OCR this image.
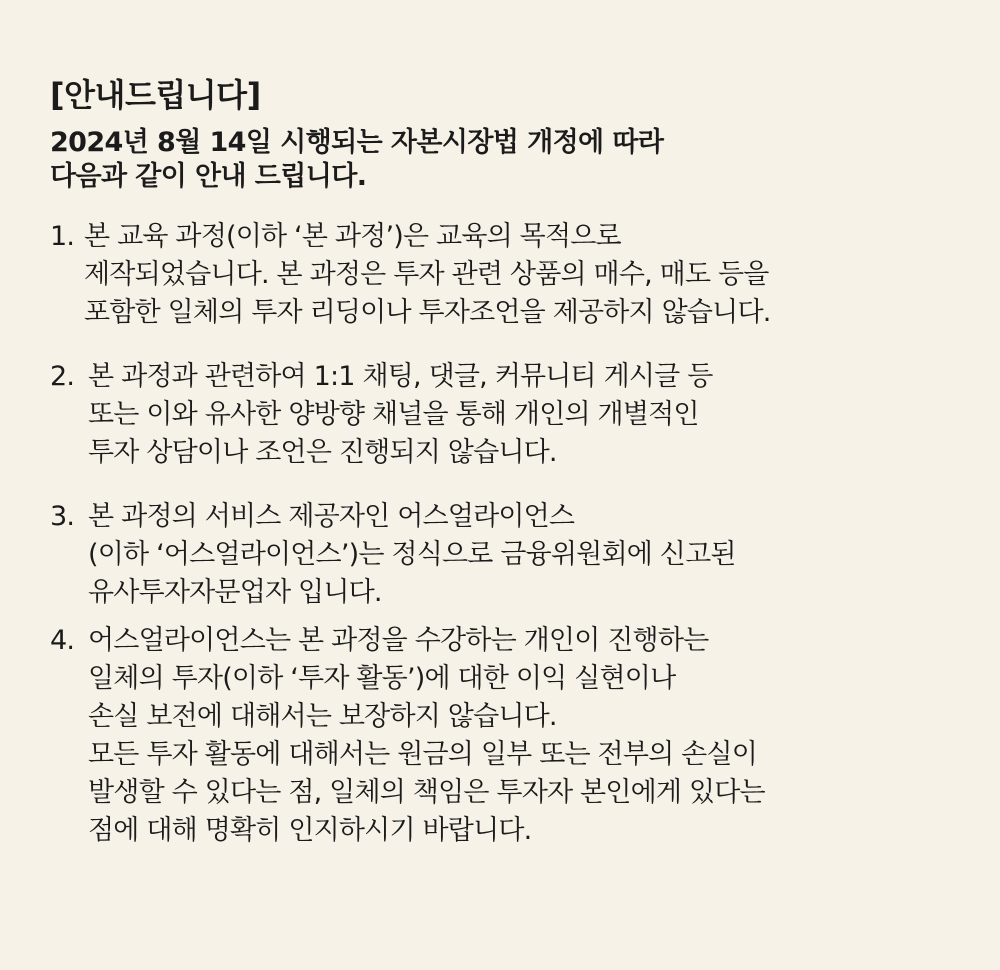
[안내드립니다]
2024년 8월 14일 시행되는 자본시장법 개정에 따라
다음과 같이 안내 드립니다.
1. 본 교육 과정(이하 ‘본 과정’)은 교육의 목적으로
제작되었습니다. 본 과정은 투자 관련 상품의 매수, 매도 등을
포함한 일체의 투자 리딩이나 투자조언을 제공하지 않습니다.
2. 본 과정과 관련하여 1:1 채팅, 댓글, 커뮤니티 게시글 등
또는 이와 유사한 양방향 채널을 통해 개인의 개별적인
투자 상담이나 조언은 진행되지 않습니다.
3. 본 과정의 서비스 제공자인 어스얼라이언스
(이하 ‘어스얼라이언스’)는 정식으로 금융위원회에 신고된
유사투자자문업자 입니다.
4. 어스얼라이언스는 본 과정을 수강하는 개인이 진행하는
일체의 투자(이하 ‘투자 활동’)에 대한 이익 실현이나
손실 보전에 대해서는 보장하지 않습니다.
모든 투자 활동에 대해서는 원금의 일부 또는 전부의 손실이
발생할 수 있다는 점, 일체의 책임은 투자자 본인에게 있다는
점에 대해 명확히 인지하시기 바랍니다.
